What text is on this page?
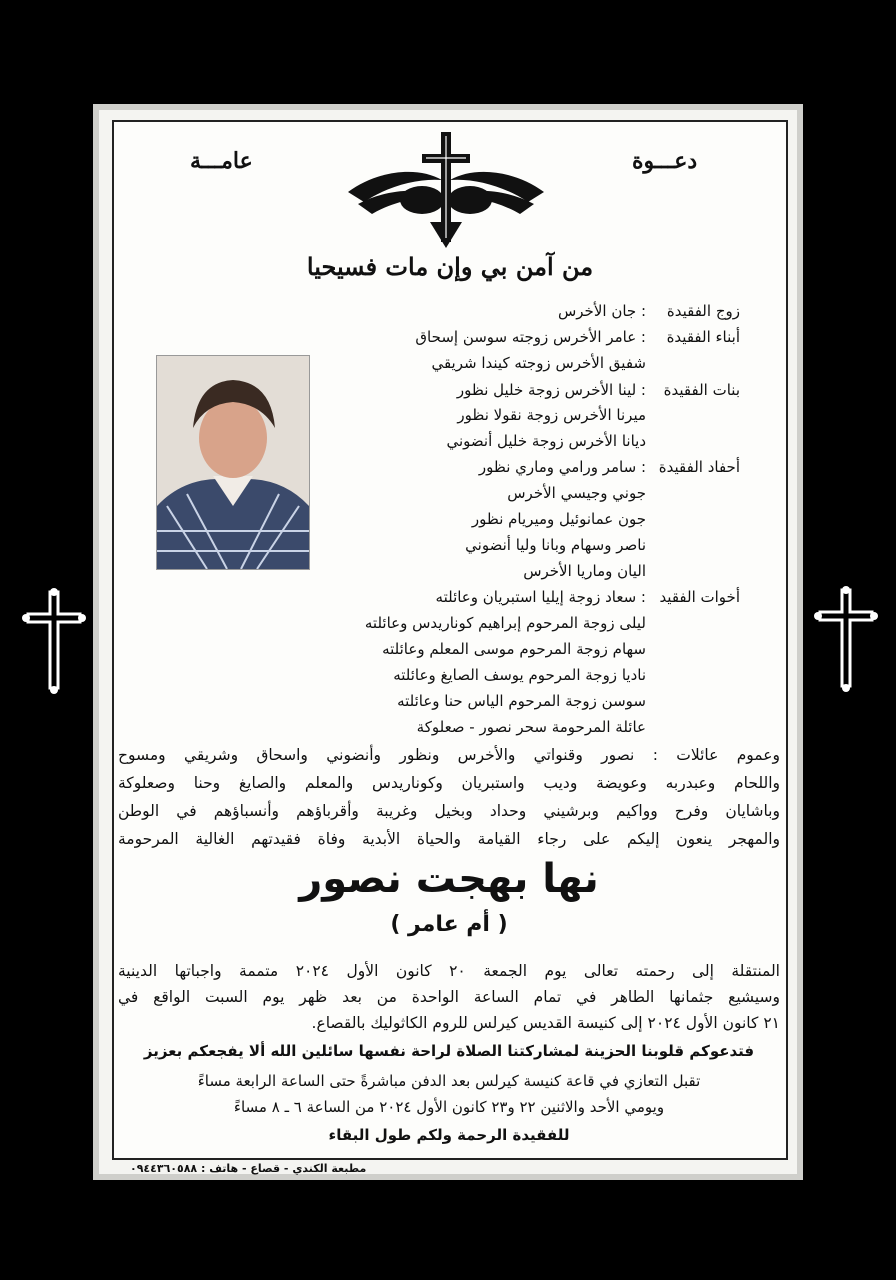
عامـــة	دعـــوة
من آمن بي وإن مات فسيحيا
زوج الفقيدة
: جان الأخرس
أبناء الفقيدة
: عامر الأخرس زوجته سوسن إسحاق
شفيق الأخرس زوجته كيندا شريقي
بنات الفقيدة
: لينا الأخرس زوجة خليل نظور
ميرنا الأخرس زوجة نقولا نظور
ديانا الأخرس زوجة خليل أنضوني
أحفاد الفقيدة
: سامر ورامي وماري نظور
جوني وجيسي الأخرس
جون عمانوئيل وميريام نظور
ناصر وسهام وبانا وليا أنضوني
اليان وماريا الأخرس
أخوات الفقيد
: سعاد زوجة إيليا استبريان وعائلته
ليلى زوجة المرحوم إبراهيم كوناريدس وعائلته
سهام زوجة المرحوم موسى المعلم وعائلته
ناديا زوجة المرحوم يوسف الصايغ وعائلته
سوسن زوجة المرحوم الياس حنا وعائلته
عائلة المرحومة سحر نصور - صعلوكة
وعموم عائلات : نصور وقنواتي والأخرس ونظور وأنضوني واسحاق وشريقي ومسوح
واللحام وعبدربه وعويضة وديب واستبريان وكوناريدس والمعلم والصايغ وحنا وصعلوكة
وباشايان وفرح وواكيم وبرشيني وحداد وبخيل وغريبة وأقرباؤهم وأنسباؤهم في الوطن
والمهجر ينعون إليكم على رجاء القيامة والحياة الأبدية وفاة فقيدتهم الغالية المرحومة
نها بهجت نصور
( أم عامر )
المنتقلة إلى رحمته تعالى يوم الجمعة ٢٠ كانون الأول ٢٠٢٤ متممة واجباتها الدينية
وسيشيع جثمانها الطاهر في تمام الساعة الواحدة من بعد ظهر يوم السبت الواقع في
٢١ كانون الأول ٢٠٢٤ إلى كنيسة القديس كيرلس للروم الكاثوليك بالقصاع.
فتدعوكم قلوبنا الحزينة لمشاركتنا الصلاة لراحة نفسها سائلين الله ألا يفجعكم بعزيز
تقبل التعازي في قاعة كنيسة كيرلس بعد الدفن مباشرةً حتى الساعة الرابعة مساءً
ويومي الأحد والاثنين ٢٢ و٢٣ كانون الأول ٢٠٢٤ من الساعة ٦ ـ ٨ مساءً
للفقيدة الرحمة ولكم طول البقاء
مطبعة الكندي - قصاع - هاتف : ٠٩٤٤٣٦٠٥٨٨
